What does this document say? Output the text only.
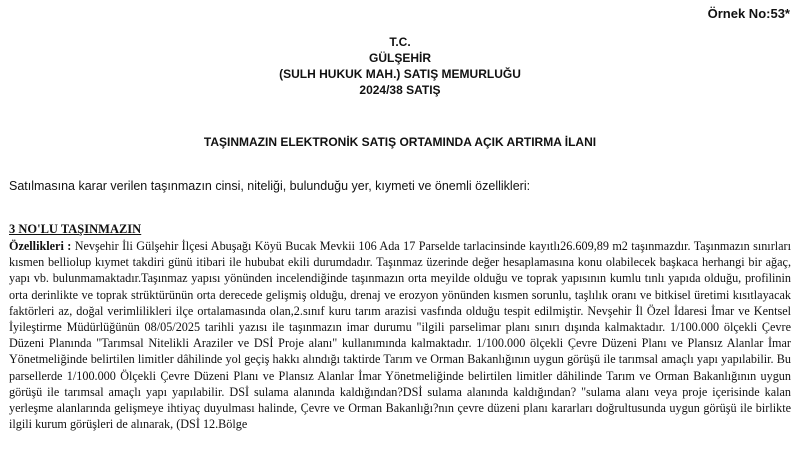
Örnek No:53*
T.C.
GÜLŞEHİR
(SULH HUKUK MAH.) SATIŞ MEMURLUĞU
2024/38 SATIŞ
TAŞINMAZIN ELEKTRONİK SATIŞ ORTAMINDA AÇIK ARTIRMA İLANI
Satılmasına karar verilen taşınmazın cinsi, niteliği, bulunduğu yer, kıymeti ve önemli özellikleri:
3 NO'LU TAŞINMAZIN
Özellikleri : Nevşehir İli Gülşehir İlçesi Abuşağı Köyü Bucak Mevkii 106 Ada 17 Parselde tarlacinsinde kayıtlı26.609,89 m2 taşınmazdır. Taşınmazın sınırları kısmen bellioluр kıymet takdiri günü itibari ile hububat ekili durumdadır. Taşınmaz üzerinde değer hesaplamasına konu olabilecek başkaca herhangi bir ağaç, yapı vb. bulunmamaktadır.Taşınmaz yapısı yönünden incelendiğinde taşınmazın orta meyilde olduğu ve toprak yapısının kumlu tınlı yapıda olduğu, profilinin orta derinlikte ve toprak strüktürünün orta derecede gelişmiş olduğu, drenaj ve erozyon yönünden kısmen sorunlu, taşlılık oranı ve bitkisel üretimi kısıtlayacak faktörleri az, doğal verimlilikleri ilçe ortalamasında olan,2.sınıf kuru tarım arazisi vasfında olduğu tespit edilmiştir. Nevşehir İl Özel İdaresi İmar ve Kentsel İyileştirme Müdürlüğünün 08/05/2025 tarihli yazısı ile taşınmazın imar durumu "ilgili parselimar planı sınırı dışında kalmaktadır. 1/100.000 ölçekli Çevre Düzeni Planında "Tarımsal Nitelikli Araziler ve DSİ Proje alanı" kullanımında kalmaktadır. 1/100.000 ölçekli Çevre Düzeni Planı ve Plansız Alanlar İmar Yönetmeliğinde belirtilen limitler dâhilinde yol geçiş hakkı alındığı taktirde Tarım ve Orman Bakanlığının uygun görüşü ile tarımsal amaçlı yapı yapılabilir. Bu parsellerde 1/100.000 Ölçekli Çevre Düzeni Planı ve Plansız Alanlar İmar Yönetmeliğinde belirtilen limitler dâhilinde Tarım ve Orman Bakanlığının uygun görüşü ile tarımsal amaçlı yapı yapılabilir. DSİ sulama alanında kaldığından?DSİ sulama alanında kaldığından? "sulama alanı veya proje içerisinde kalan yerleşme alanlarında gelişmeye ihtiyaç duyulması halinde, Çevre ve Orman Bakanlığı?nın çevre düzeni planı kararları doğrultusunda uygun görüşü ile birlikte ilgili kurum görüşleri de alınarak, (DSİ 12.Bölge
